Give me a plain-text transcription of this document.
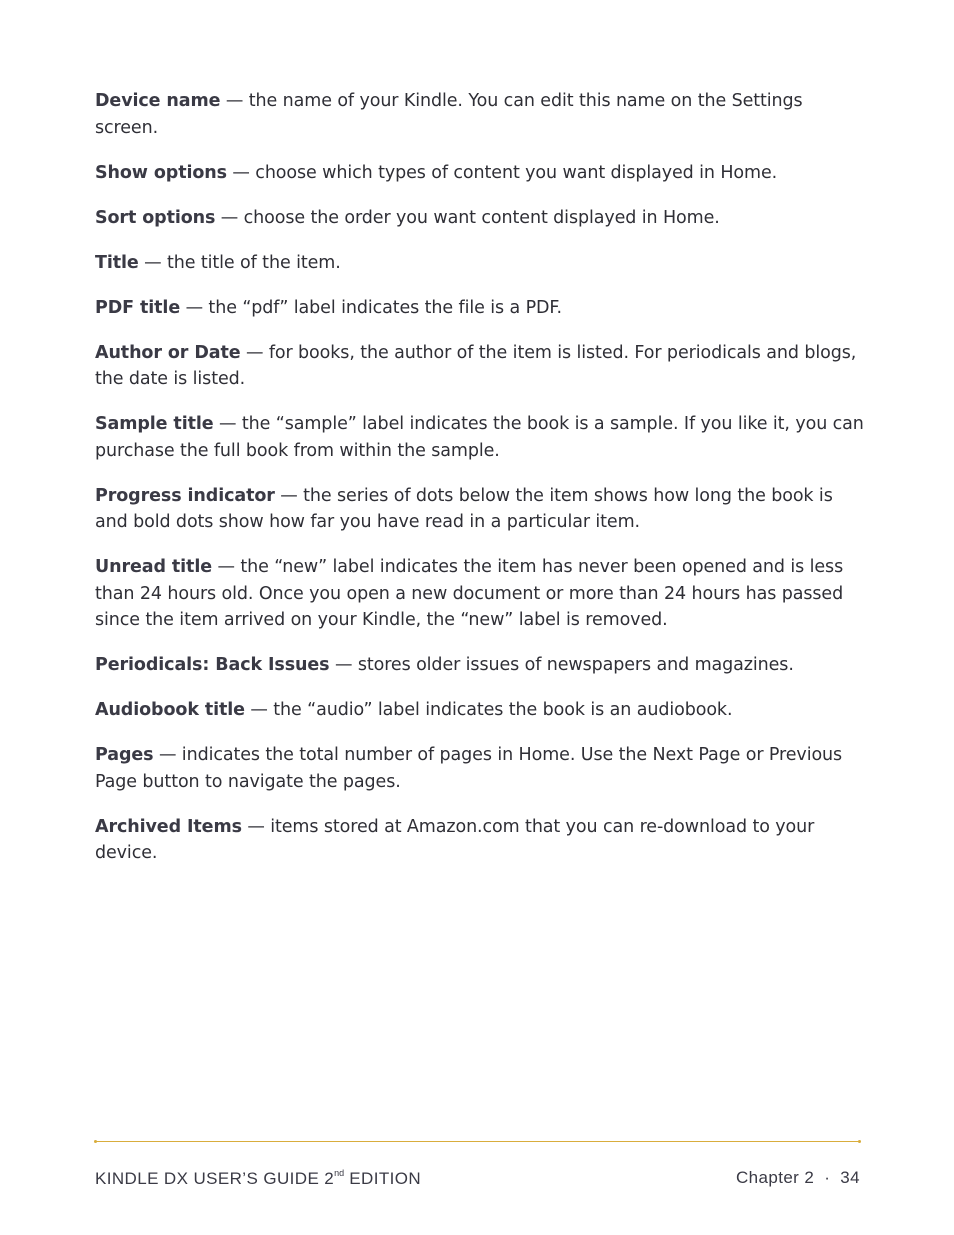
Device name — the name of your Kindle. You can edit this name on the Settings screen.

Show options — choose which types of content you want displayed in Home.

Sort options — choose the order you want content displayed in Home.

Title — the title of the item.

PDF title — the “pdf” label indicates the file is a PDF.

Author or Date — for books, the author of the item is listed. For periodicals and blogs, the date is listed.

Sample title — the “sample” label indicates the book is a sample. If you like it, you can purchase the full book from within the sample.

Progress indicator — the series of dots below the item shows how long the book is and bold dots show how far you have read in a particular item.

Unread title — the “new” label indicates the item has never been opened and is less than 24 hours old. Once you open a new document or more than 24 hours has passed since the item arrived on your Kindle, the “new” label is removed.

Periodicals: Back Issues — stores older issues of newspapers and magazines.

Audiobook title — the “audio” label indicates the book is an audiobook.

Pages — indicates the total number of pages in Home. Use the Next Page or Previous Page button to navigate the pages.

Archived Items — items stored at Amazon.com that you can re-download to your device.

KINDLE DX USER’S GUIDE 2nd EDITION	Chapter 2 · 34
